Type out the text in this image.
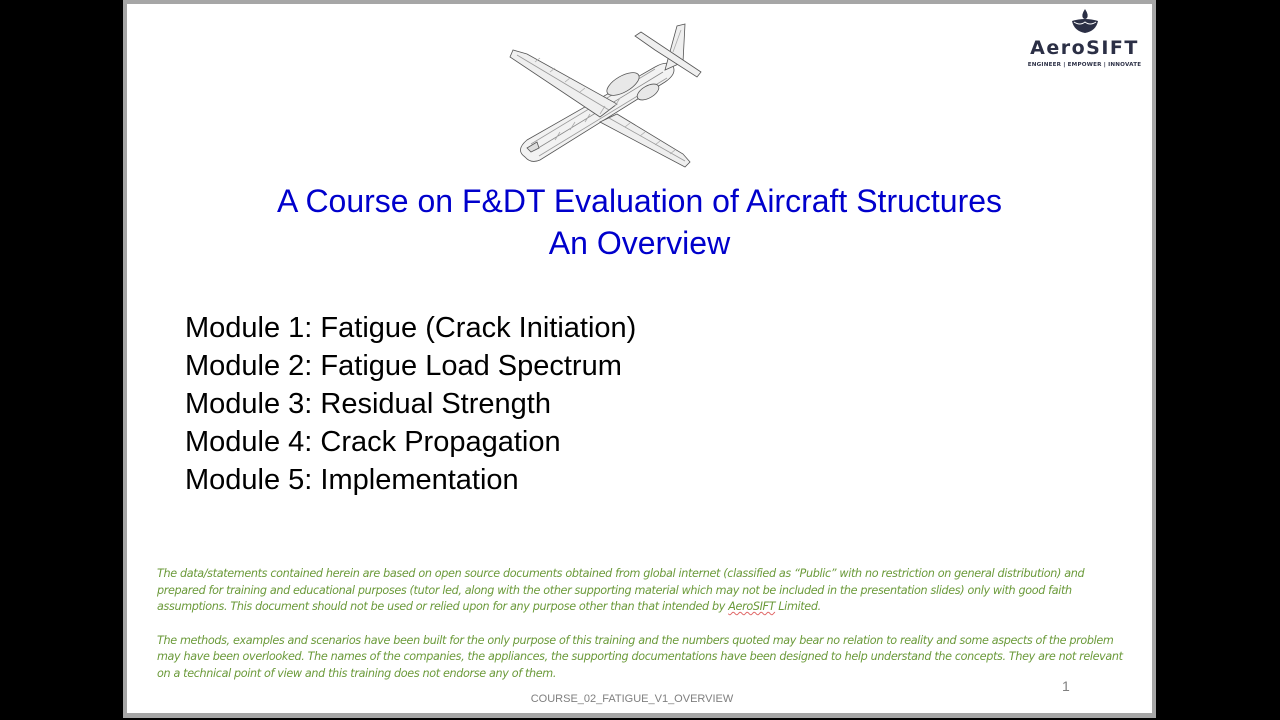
AeroSIFT
ENGINEER | EMPOWER | INNOVATE
A Course on F&DT Evaluation of Aircraft Structures
An Overview
Module 1: Fatigue (Crack Initiation)
Module 2: Fatigue Load Spectrum
Module 3: Residual Strength
Module 4: Crack Propagation
Module 5: Implementation

The data/statements contained herein are based on open source documents obtained from global internet (classified as “Public” with no restriction on general distribution) and prepared for training and educational purposes (tutor led, along with the other supporting material which may not be included in the presentation slides) only with good faith assumptions. This document should not be used or relied upon for any purpose other than that intended by AeroSIFT Limited.

The methods, examples and scenarios have been built for the only purpose of this training and the numbers quoted may bear no relation to reality and some aspects of the problem may have been overlooked. The names of the companies, the appliances, the supporting documentations have been designed to help understand the concepts. They are not relevant on a technical point of view and this training does not endorse any of them.

1
COURSE_02_FATIGUE_V1_OVERVIEW
